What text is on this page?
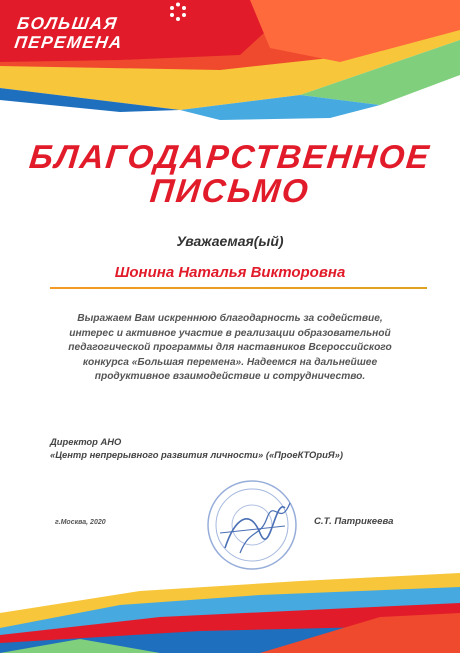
БОЛЬШАЯ
ПЕРЕМЕНА
БЛАГОДАРСТВЕННОЕ
ПИСЬМО
Уважаемая(ый)
Шонина Наталья Викторовна
Выражаем Вам искреннюю благодарность за содействие,
интерес и активное участие в реализации образовательной
педагогической программы для наставников Всероссийского
конкурса «Большая перемена». Надеемся на дальнейшее
продуктивное взаимодействие и сотрудничество.
Директор АНО
«Центр непрерывного развития личности» («ПроеКТОриЯ»)
г.Москва, 2020	С.Т. Патрикеева
